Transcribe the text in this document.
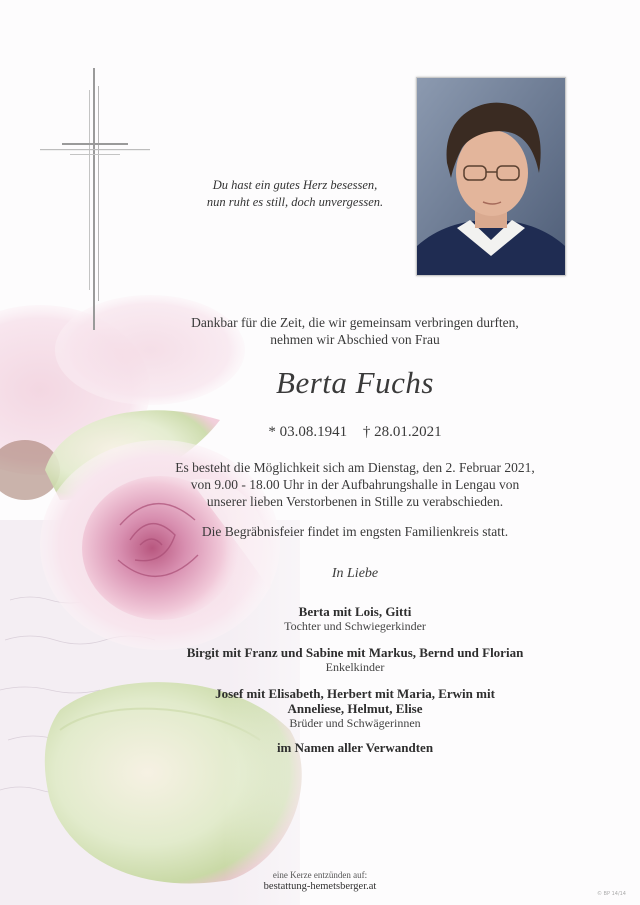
Du hast ein gutes Herz besessen,
nun ruht es still, doch unvergessen.
Dankbar für die Zeit, die wir gemeinsam verbringen durften,
nehmen wir Abschied von Frau
Berta Fuchs
* 03.08.1941 † 28.01.2021
Es besteht die Möglichkeit sich am Dienstag, den 2. Februar 2021,
von 9.00 - 18.00 Uhr in der Aufbahrungshalle in Lengau von
unserer lieben Verstorbenen in Stille zu verabschieden.
Die Begräbnisfeier findet im engsten Familienkreis statt.
In Liebe
Berta mit Lois, Gitti
Tochter und Schwiegerkinder
Birgit mit Franz und Sabine mit Markus, Bernd und Florian
Enkelkinder
Josef mit Elisabeth, Herbert mit Maria, Erwin mit Anneliese, Helmut, Elise
Brüder und Schwägerinnen
im Namen aller Verwandten
eine Kerze entzünden auf:
bestattung-hemetsberger.at
© BP 14/14
